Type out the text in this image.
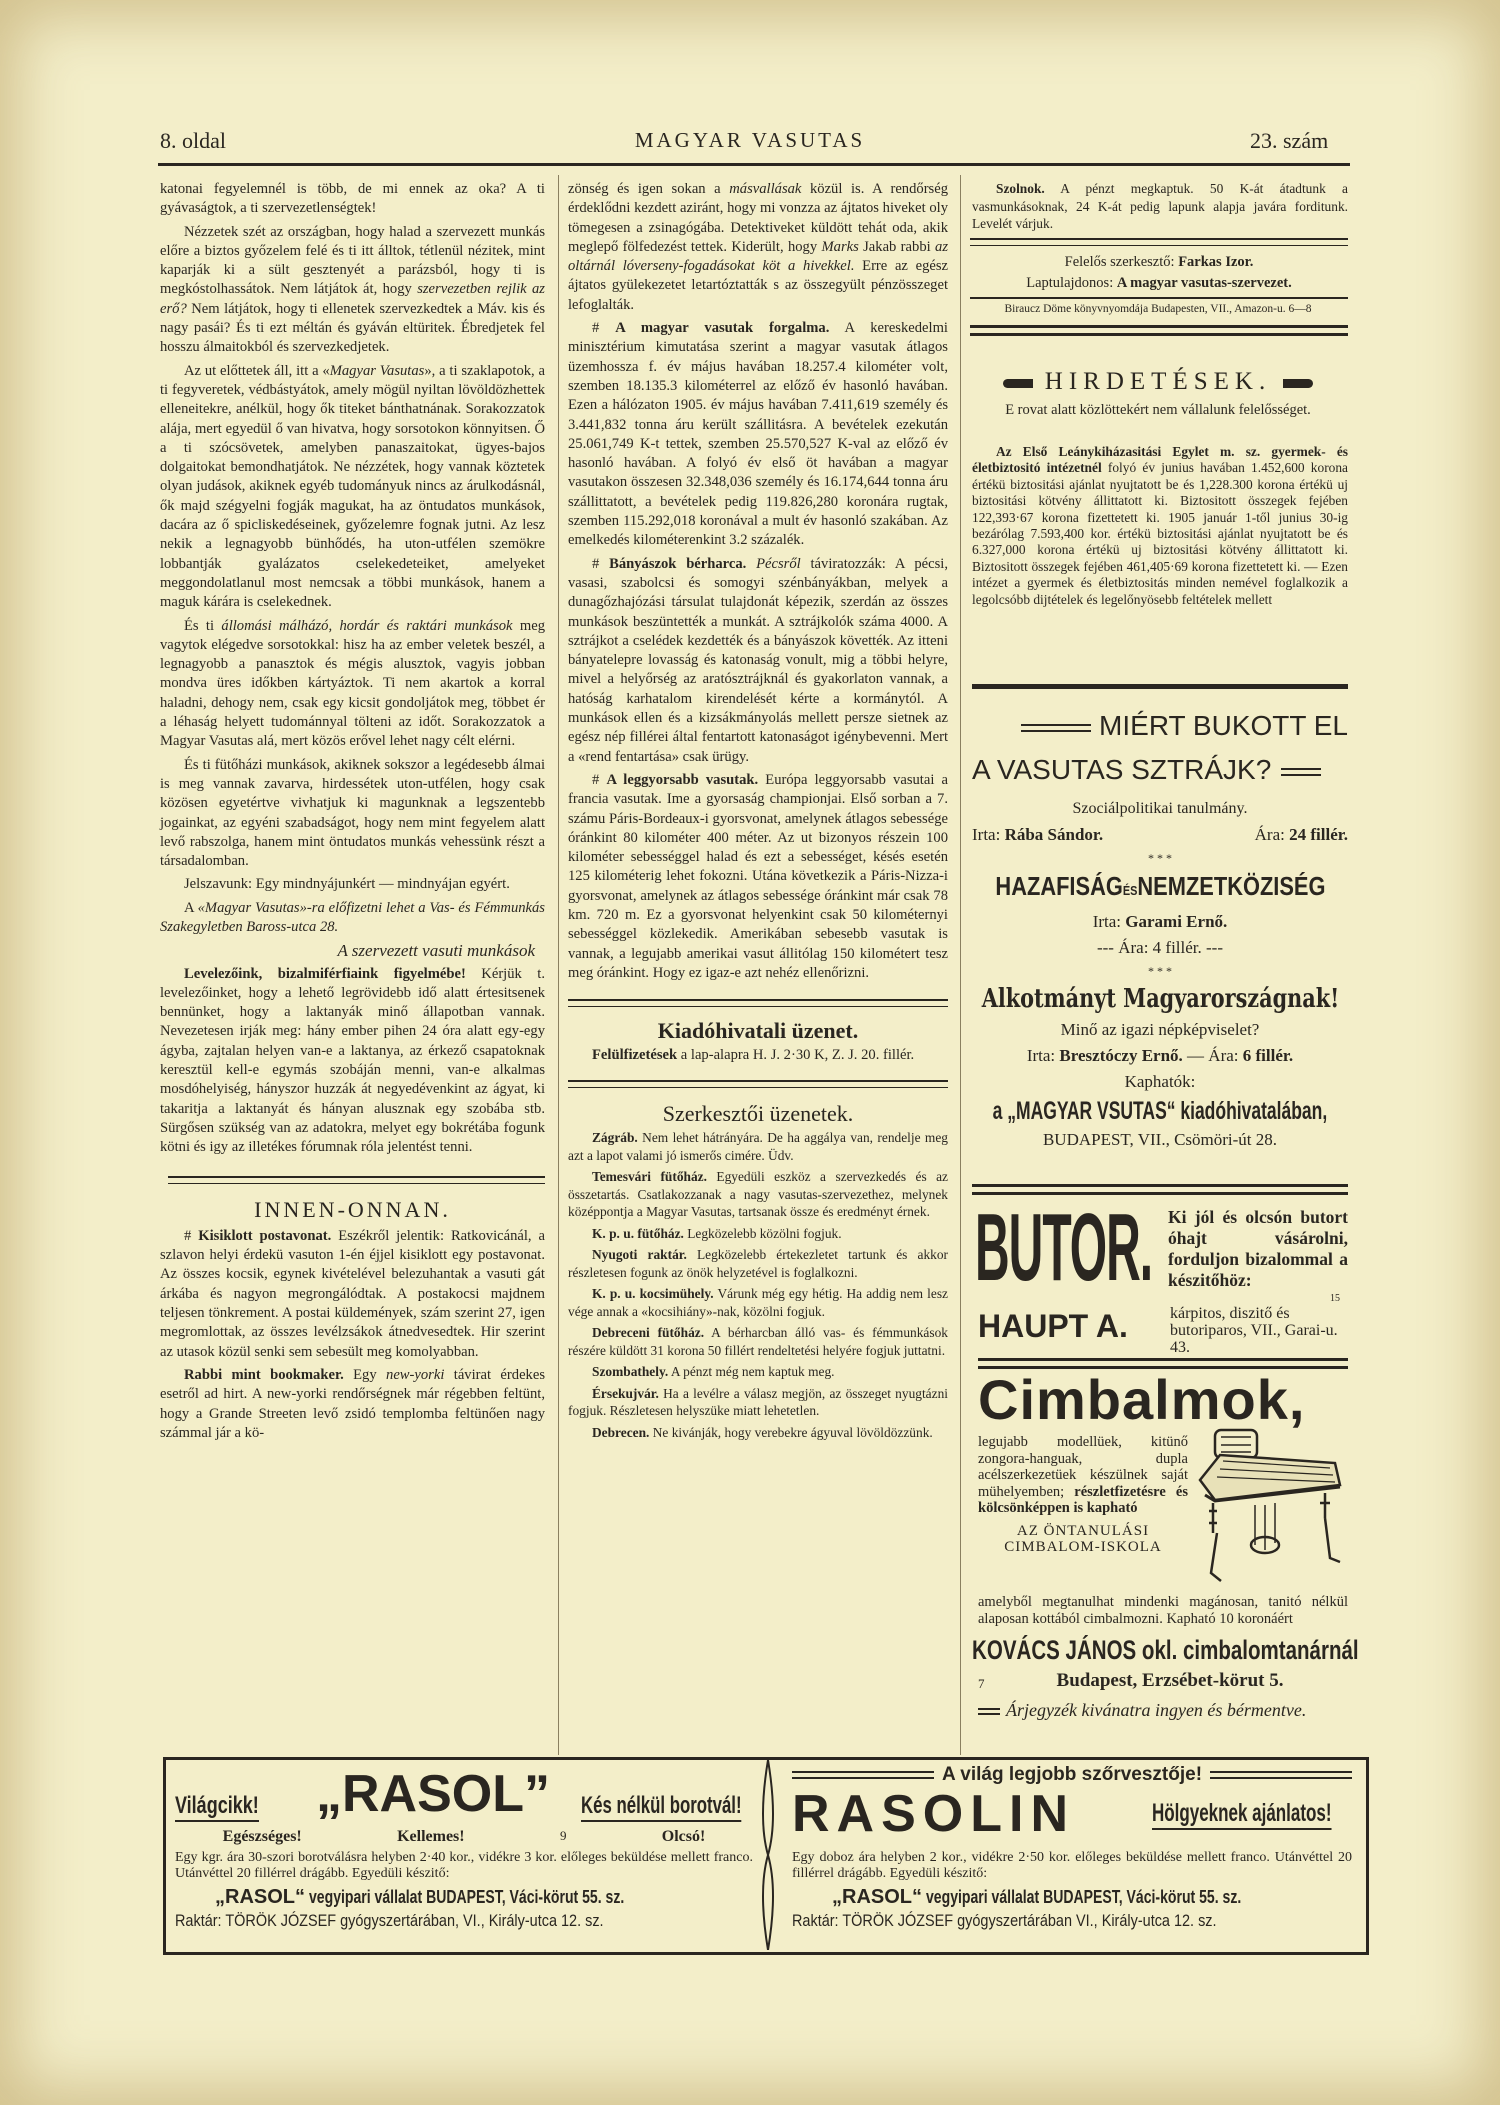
8. oldal	MAGYAR VASUTAS	23. szám

katonai fegyelemnél is több, de mi ennek az oka? A ti gyávaságtok, a ti szervezetlenségtek!

Nézzetek szét az országban, hogy halad a szervezett munkás előre a biztos győzelem felé és ti itt álltok, tétlenül nézitek, mint kaparják ki a sült gesztenyét a parázsból, hogy ti is megkóstolhassátok. Nem látjátok át, hogy szervezetben rejlik az erő? Nem látjátok, hogy ti ellenetek szervezkedtek a Máv. kis és nagy pasái? És ti ezt méltán és gyáván eltüritek. Ébredjetek fel hosszu álmaitokból és szervezkedjetek.

Az ut előttetek áll, itt a «Magyar Vasutas», a ti szaklapotok, a ti fegyveretek, védbástyátok, amely mögül nyiltan lövöldözhettek elleneitekre, anélkül, hogy ők titeket bánthatnának. Sorakozzatok alája, mert egyedül ő van hivatva, hogy sorsotokon könnyitsen. Ő a ti szócsövetek, amelyben panaszaitokat, ügyes-bajos dolgaitokat bemondhatjátok. Ne nézzétek, hogy vannak köztetek olyan judások, akiknek egyéb tudományuk nincs az árulkodásnál, ők majd szégyelni fogják magukat, ha az öntudatos munkások, dacára az ő spicliskedéseinek, győzelemre fognak jutni. Az lesz nekik a legnagyobb bünhődés, ha uton-utfélen szemökre lobbantják gyalázatos cselekedeteiket, amelyeket meggondolatlanul most nemcsak a többi munkások, hanem a maguk kárára is cselekednek.

És ti állomási málházó, hordár és raktári munkások meg vagytok elégedve sorsotokkal: hisz ha az ember veletek beszél, a legnagyobb a panasztok és mégis alusztok, vagyis jobban mondva üres időkben kártyáztok. Ti nem akartok a korral haladni, dehogy nem, csak egy kicsit gondoljátok meg, többet ér a léhaság helyett tudománnyal tölteni az időt. Sorakozzatok a Magyar Vasutas alá, mert közös erővel lehet nagy célt elérni.

És ti fütőházi munkások, akiknek sokszor a legédesebb álmai is meg vannak zavarva, hirdessétek uton-utfélen, hogy csak közösen egyetértve vivhatjuk ki magunknak a legszentebb jogainkat, az egyéni szabadságot, hogy nem mint fegyelem alatt levő rabszolga, hanem mint öntudatos munkás vehessünk részt a társadalomban.

Jelszavunk: Egy mindnyájunkért — mindnyájan egyért.

A «Magyar Vasutas»-ra előfizetni lehet a Vas- és Fémmunkás Szakegyletben Baross-utca 28.

A szervezett vasuti munkások

Levelezőink, bizalmiférfiaink figyelmébe! Kérjük t. levelezőinket, hogy a lehető legrövidebb idő alatt értesitsenek bennünket, hogy a laktanyák minő állapotban vannak. Nevezetesen irják meg: hány ember pihen 24 óra alatt egy-egy ágyba, zajtalan helyen van-e a laktanya, az érkező csapatoknak keresztül kell-e egymás szobáján menni, van-e alkalmas mosdóhelyiség, hányszor huzzák át negyedévenkint az ágyat, ki takaritja a laktanyát és hányan alusznak egy szobába stb. Sürgősen szükség van az adatokra, melyet egy bokrétába fogunk kötni és igy az illetékes fórumnak róla jelentést tenni.

INNEN-ONNAN.

# Kisiklott postavonat. Eszékről jelentik: Ratkovicánál, a szlavon helyi érdekü vasuton 1-én éjjel kisiklott egy postavonat. Az összes kocsik, egynek kivételével belezuhantak a vasuti gát árkába és nagyon megrongálódtak. A postakocsi majdnem teljesen tönkrement. A postai küldemények, szám szerint 27, igen megromlottak, az összes levélzsákok átnedvesedtek. Hir szerint az utasok közül senki sem sebesült meg komolyabban.

Rabbi mint bookmaker. Egy new-yorki távirat érdekes esetről ad hirt. A new-yorki rendőrségnek már régebben feltünt, hogy a Grande Streeten levő zsidó templomba feltünően nagy számmal jár a kö-

zönség és igen sokan a másvallásak közül is. A rendőrség érdeklődni kezdett aziránt, hogy mi vonzza az ájtatos hiveket oly tömegesen a zsinagógába. Detektiveket küldött tehát oda, akik meglepő fölfedezést tettek. Kiderült, hogy Marks Jakab rabbi az oltárnál lóverseny-fogadásokat köt a hivekkel. Erre az egész ájtatos gyülekezetet letartóztatták s az összegyült pénzösszeget lefoglalták.

# A magyar vasutak forgalma. A kereskedelmi minisztérium kimutatása szerint a magyar vasutak átlagos üzemhossza f. év május havában 18.257.4 kilométer volt, szemben 18.135.3 kilométerrel az előző év hasonló havában. Ezen a hálózaton 1905. év május havában 7.411,619 személy és 3.441,832 tonna áru került szállitásra. A bevételek ezekután 25.061,749 K-t tettek, szemben 25.570,527 K-val az előző év hasonló havában. A folyó év első öt havában a magyar vasutakon összesen 32.348,036 személy és 16.174,644 tonna áru szállittatott, a bevételek pedig 119.826,280 koronára rugtak, szemben 115.292,018 koronával a mult év hasonló szakában. Az emelkedés kilométerenkint 3.2 százalék.

# Bányászok bérharca. Pécsről táviratozzák: A pécsi, vasasi, szabolcsi és somogyi szénbányákban, melyek a dunagőzhajózási társulat tulajdonát képezik, szerdán az összes munkások beszüntették a munkát. A sztrájkolók száma 4000. A sztrájkot a cselédek kezdették és a bányászok követték. Az itteni bányatelepre lovasság és katonaság vonult, mig a többi helyre, mivel a helyőrség az aratósztrájknál és gyakorlaton vannak, a hatóság karhatalom kirendelését kérte a kormánytól. A munkások ellen és a kizsákmányolás mellett persze sietnek az egész nép fillérei által fentartott katonaságot igénybevenni. Mert a «rend fentartása» csak ürügy.

# A leggyorsabb vasutak. Európa leggyorsabb vasutai a francia vasutak. Ime a gyorsaság championjai. Első sorban a 7. számu Páris-Bordeaux-i gyorsvonat, amelynek átlagos sebessége óránkint 80 kilométer 400 méter. Az ut bizonyos részein 100 kilométer sebességgel halad és ezt a sebességet, késés esetén 125 kilométerig lehet fokozni. Utána következik a Páris-Nizza-i gyorsvonat, amelynek az átlagos sebessége óránkint már csak 78 km. 720 m. Ez a gyorsvonat helyenkint csak 50 kilométernyi sebességgel közlekedik. Amerikában sebesebb vasutak is vannak, a legujabb amerikai vasut állitólag 150 kilométert tesz meg óránkint. Hogy ez igaz-e azt nehéz ellenőrizni.

Kiadóhivatali üzenet.

Felülfizetések a lap-alapra H. J. 2·30 K, Z. J. 20. fillér.

Szerkesztői üzenetek.

Zágráb. Nem lehet hátrányára. De ha aggálya van, rendelje meg azt a lapot valami jó ismerős cimére. Üdv.

Temesvári fütőház. Egyedüli eszköz a szervezkedés és az összetartás. Csatlakozzanak a nagy vasutas-szervezethez, melynek középpontja a Magyar Vasutas, tartsanak össze és eredményt érnek.

K. p. u. fütőház. Legközelebb közölni fogjuk.

Nyugoti raktár. Legközelebb értekezletet tartunk és akkor részletesen fogunk az önök helyzetével is foglalkozni.

K. p. u. kocsimühely. Várunk még egy hétig. Ha addig nem lesz vége annak a «kocsihiány»-nak, közölni fogjuk.

Debreceni fütőház. A bérharcban álló vas- és fémmunkások részére küldött 31 korona 50 fillért rendeltetési helyére fogjuk juttatni.

Szombathely. A pénzt még nem kaptuk meg.

Érsekujvár. Ha a levélre a válasz megjön, az összeget nyugtázni fogjuk. Részletesen helyszüke miatt lehetetlen.

Debrecen. Ne kivánják, hogy verebekre ágyuval lövöldözzünk.

Szolnok. A pénzt megkaptuk. 50 K-át átadtunk a vasmunkásoknak, 24 K-át pedig lapunk alapja javára forditunk. Levelét várjuk.

Felelős szerkesztő: Farkas Izor.
Laptulajdonos: A magyar vasutas-szervezet.
Biraucz Döme könyvnyomdája Budapesten, VII., Amazon-u. 6—8
HIRDETÉSEK.
E rovat alatt közlöttekért nem vállalunk felelősséget.

Az Első Leánykiházasitási Egylet m. sz. gyermek- és életbiztositó intézetnél folyó év junius havában 1.452,600 korona értékü biztositási ajánlat nyujtatott be és 1,228.300 korona értékü uj biztositási kötvény állittatott ki. Biztositott összegek fejében 122,393·67 korona fizettetett ki. 1905 január 1-től junius 30-ig bezárólag 7.593,400 kor. értékü biztositási ajánlat nyujtatott be és 6.327,000 korona értékü uj biztositási kötvény állittatott ki. Biztositott összegek fejében 461,405·69 korona fizettetett ki. — Ezen intézet a gyermek és életbiztositás minden nemével foglalkozik a legolcsóbb dijtételek és legelőnyösebb feltételek mellett

MIÉRT BUKOTT EL
A VASUTAS SZTRÁJK?
Szociálpolitikai tanulmány.
Irta: Rába Sándor.	Ára: 24 fillér.
* * *
HAZAFISÁGÉSNEMZETKÖZISÉG
Irta: Garami Ernő.
--- Ára: 4 fillér. ---
* * *
Alkotmányt Magyarországnak!
Minő az igazi népképviselet?
Irta: Bresztóczy Ernő. — Ára: 6 fillér.
Kaphatók:
a „MAGYAR VSUTAS“ kiadóhivatalában,
BUDAPEST, VII., Csömöri-út 28.
BUTOR. Ki jól és olcsón butort óhajt vásárolni, forduljon bizalommal a készitőhöz:
15
HAUPT A.	kárpitos, diszitő és butoriparos, VII., Garai-u. 43.
Cimbalmok,
legujabb modellüek, kitünő zongora-hanguak, dupla acélszerkezetüek készülnek saját mühelyemben; részletfizetésre és kölcsönképpen is kapható
AZ ÖNTANULÁSI CIMBALOM-ISKOLA
amelyből megtanulhat mindenki magánosan, tanitó nélkül alaposan kottából cimbalmozni. Kapható 10 koronáért
KOVÁCS JÁNOS okl. cimbalomtanárnál
7	Budapest, Erzsébet-körut 5.
Árjegyzék kivánatra ingyen és bérmentve.
Világcikk!	„RASOL” Kés nélkül borotvál!
Egészséges!	Kellemes!	9	Olcsó!
Egy kgr. ára 30-szori borotválásra helyben 2·40 kor., vidékre 3 kor. előleges beküldése mellett franco. Utánvéttel 20 fillérrel drágább. Egyedüli készitő:
„RASOL“ vegyipari vállalat BUDAPEST, Váci-körut 55. sz.
Raktár: TÖRÖK JÓZSEF gyógyszertárában, VI., Király-utca 12. sz.
A világ legjobb szőrvesztője!
RASOLIN	Hölgyeknek ajánlatos!
Egy doboz ára helyben 2 kor., vidékre 2·50 kor. előleges beküldése mellett franco. Utánvéttel 20 fillérrel drágább. Egyedüli készitő:
„RASOL“ vegyipari vállalat BUDAPEST, Váci-körut 55. sz.
Raktár: TÖRÖK JÓZSEF gyógyszertárában VI., Király-utca 12. sz.
